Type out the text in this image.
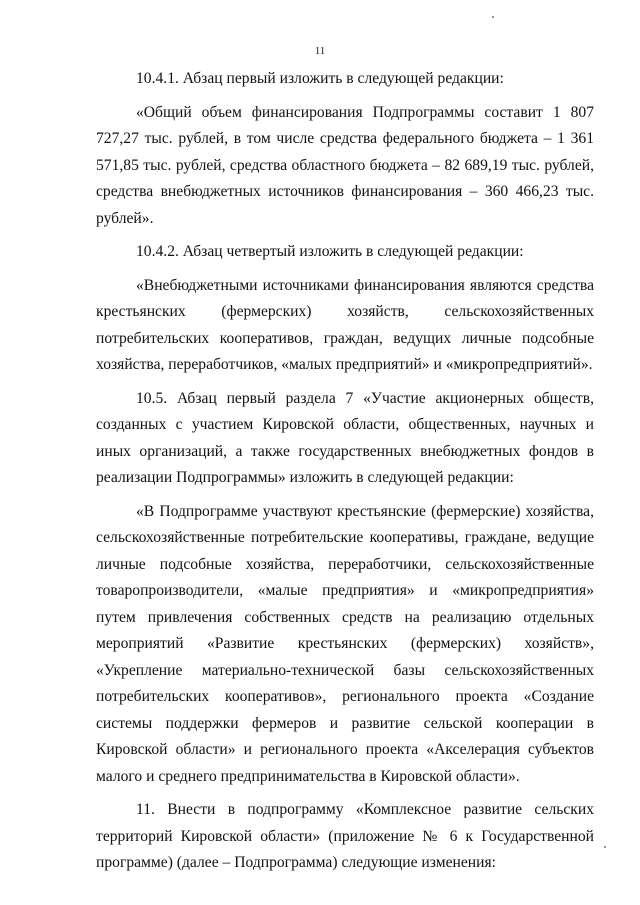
11

10.4.1. Абзац первый изложить в следующей редакции:

«Общий объем финансирования Подпрограммы составит 1 807 727,27 тыс. рублей, в том числе средства федерального бюджета – 1 361 571,85 тыс. рублей, средства областного бюджета – 82 689,19 тыс. рублей, средства внебюджетных источников финансирования – 360 466,23 тыс. рублей».

10.4.2. Абзац четвертый изложить в следующей редакции:

«Внебюджетными источниками финансирования являются средства крестьянских (фермерских) хозяйств, сельскохозяйственных потребительских кооперативов, граждан, ведущих личные подсобные хозяйства, переработчиков, «малых предприятий» и «микропредприятий».

10.5. Абзац первый раздела 7 «Участие акционерных обществ, созданных с участием Кировской области, общественных, научных и иных организаций, а также государственных внебюджетных фондов в реализации Подпрограммы» изложить в следующей редакции:

«В Подпрограмме участвуют крестьянские (фермерские) хозяйства, сельскохозяйственные потребительские кооперативы, граждане, ведущие личные подсобные хозяйства, переработчики, сельскохозяйственные товаропроизводители, «малые предприятия» и «микропредприятия» путем привлечения собственных средств на реализацию отдельных мероприятий «Развитие крестьянских (фермерских) хозяйств», «Укрепление материально-технической базы сельскохозяйственных потребительских кооперативов», регионального проекта «Создание системы поддержки фермеров и развитие сельской кооперации в Кировской области» и регионального проекта «Акселерация субъектов малого и среднего предпринимательства в Кировской области».

11. Внести в подпрограмму «Комплексное развитие сельских территорий Кировской области» (приложение № 6 к Государственной программе) (далее – Подпрограмма) следующие изменения:
